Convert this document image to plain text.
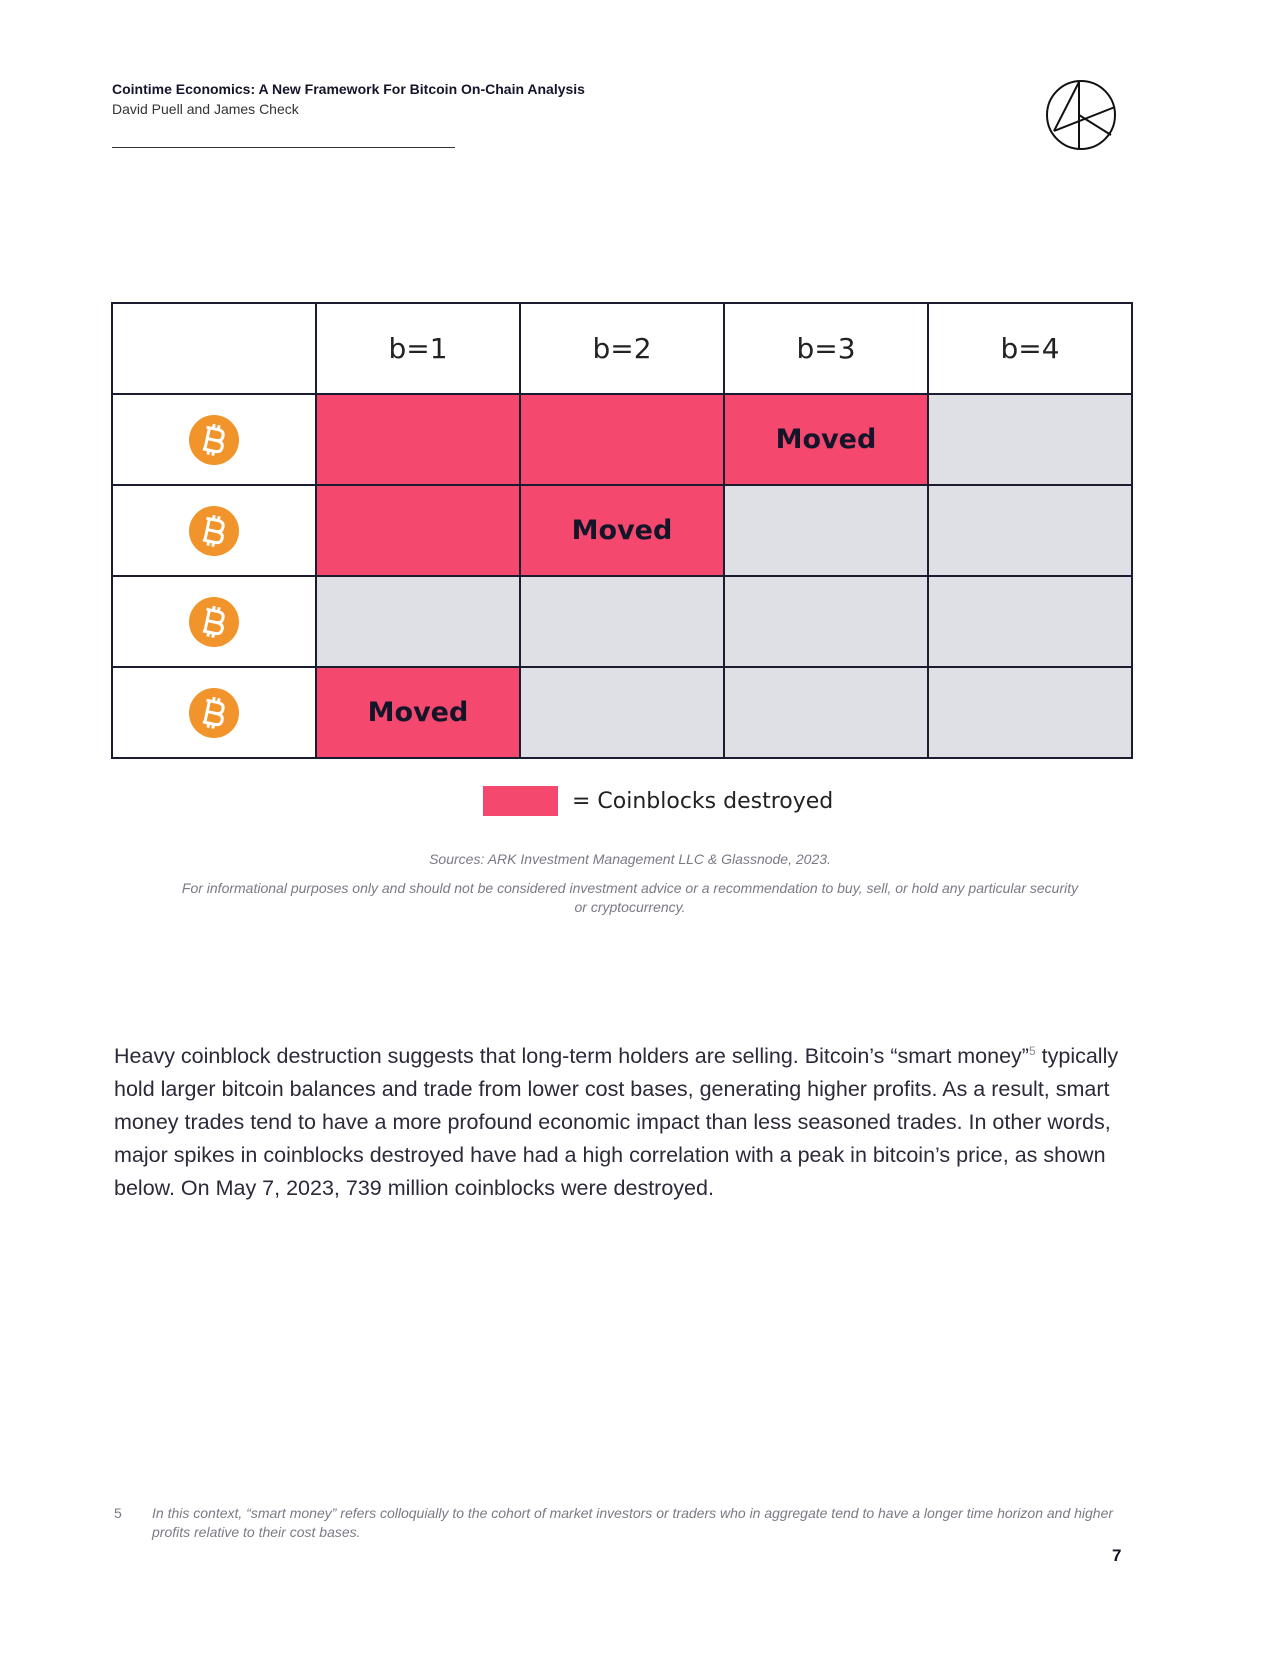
Cointime Economics: A New Framework For Bitcoin On-Chain Analysis
David Puell and James Check
	b=1	b=2	b=3	b=4
			Moved	
		Moved		

	Moved			
= Coinblocks destroyed
Sources: ARK Investment Management LLC & Glassnode, 2023.
For informational purposes only and should not be considered investment advice or a recommendation to buy, sell, or hold any particular security or cryptocurrency.
Heavy coinblock destruction suggests that long-term holders are selling. Bitcoin’s “smart money”$^5$ typically hold larger bitcoin balances and trade from lower cost bases, generating higher profits. As a result, smart money trades tend to have a more profound economic impact than less seasoned trades. In other words, major spikes in coinblocks destroyed have had a high correlation with a peak in bitcoin’s price, as shown below. On May 7, 2023, 739 million coinblocks were destroyed.
5	In this context, “smart money” refers colloquially to the cohort of market investors or traders who in aggregate tend to have a longer time horizon and higher profits relative to their cost bases.
7
